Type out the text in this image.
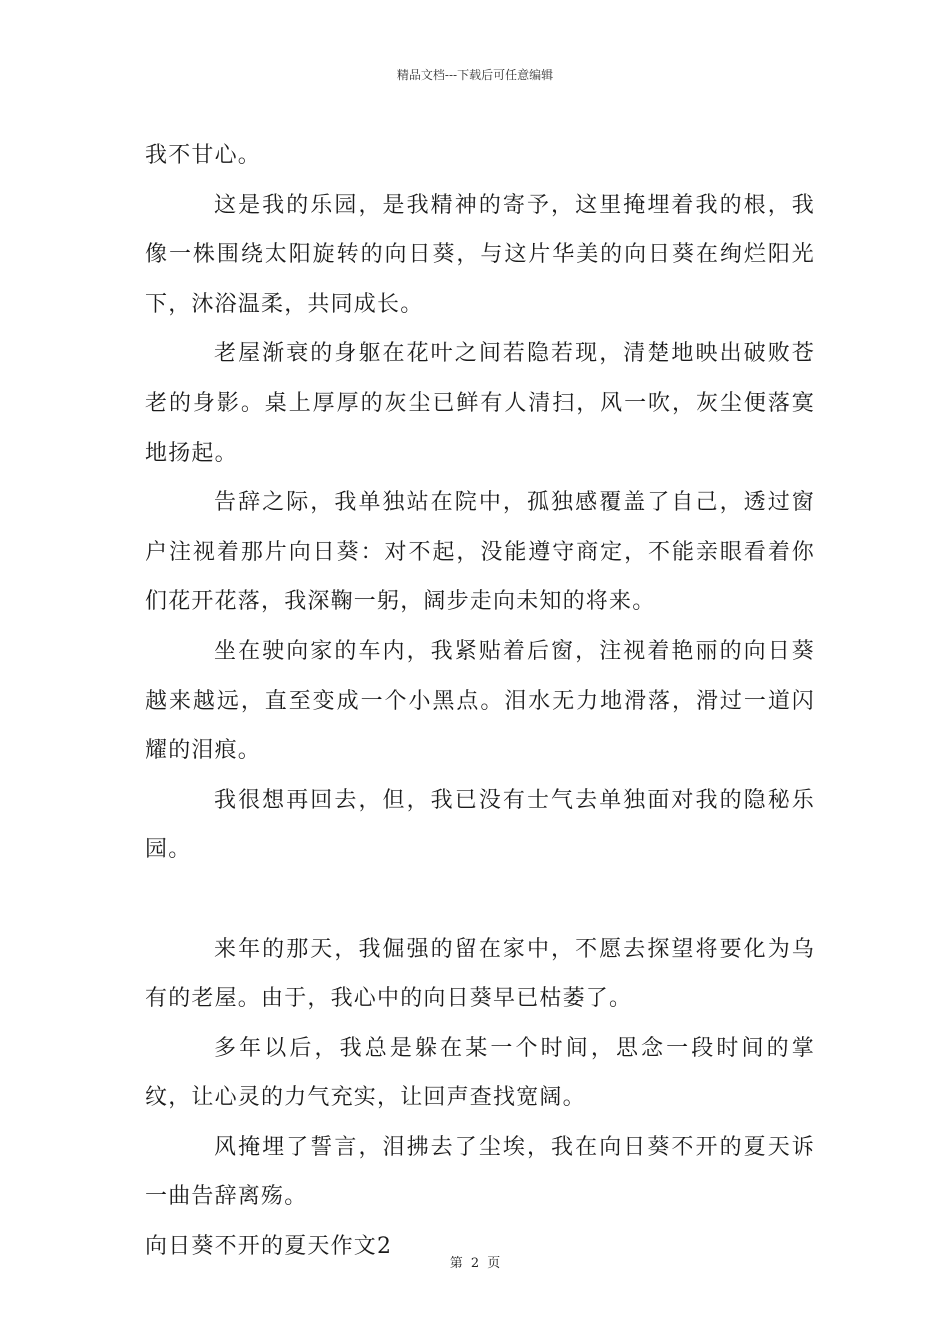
精品文档---下载后可任意编辑

我不甘心。

这是我的乐园，是我精神的寄予，这里掩埋着我的根，我像一株围绕太阳旋转的向日葵，与这片华美的向日葵在绚烂阳光下，沐浴温柔，共同成长。

老屋渐衰的身躯在花叶之间若隐若现，清楚地映出破败苍老的身影。桌上厚厚的灰尘已鲜有人清扫，风一吹，灰尘便落寞地扬起。

告辞之际，我单独站在院中，孤独感覆盖了自己，透过窗户注视着那片向日葵：对不起，没能遵守商定，不能亲眼看着你们花开花落，我深鞠一躬，阔步走向未知的将来。

坐在驶向家的车内，我紧贴着后窗，注视着艳丽的向日葵越来越远，直至变成一个小黑点。泪水无力地滑落，滑过一道闪耀的泪痕。

我很想再回去，但，我已没有士气去单独面对我的隐秘乐园。

来年的那天，我倔强的留在家中，不愿去探望将要化为乌有的老屋。由于，我心中的向日葵早已枯萎了。

多年以后，我总是躲在某一个时间，思念一段时间的掌纹，让心灵的力气充实，让回声查找宽阔。

风掩埋了誓言，泪拂去了尘埃，我在向日葵不开的夏天诉一曲告辞离殇。

向日葵不开的夏天作文2

第 2 页
